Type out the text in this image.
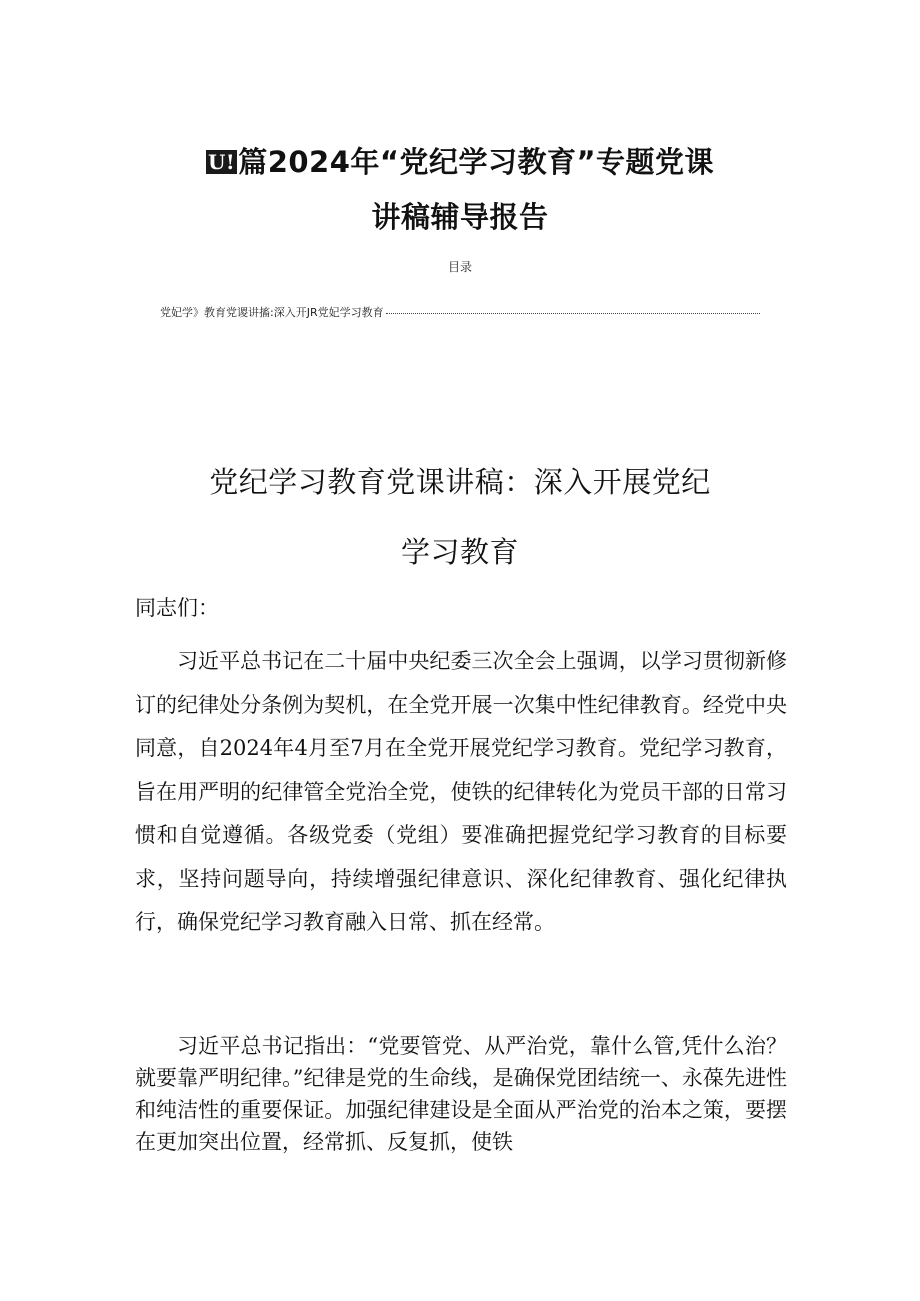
U! 篇2024年“党纪学习教育”专题党课
讲稿辅导报告
目录
党妃学》教育党谡讲搐:深入开JR党妃学习教育
党纪学习教育党课讲稿：深入开展党纪
学习教育
同志们：

习近平总书记在二十届中央纪委三次全会上强调，以学习贯彻新修订的纪律处分条例为契机，在全党开展一次集中性纪律教育。经党中央同意，自2024年4月至7月在全党开展党纪学习教育。党纪学习教育，旨在用严明的纪律管全党治全党，使铁的纪律转化为党员干部的日常习惯和自觉遵循。各级党委（党组）要准确把握党纪学习教育的目标要求，坚持问题导向，持续增强纪律意识、深化纪律教育、强化纪律执行，确保党纪学习教育融入日常、抓在经常。

习近平总书记指出：“党要管党、从严治党，靠什么管,凭什么治？就要靠严明纪律。”纪律是党的生命线，是确保党团结统一、永葆先进性和纯洁性的重要保证。加强纪律建设是全面从严治党的治本之策，要摆在更加突出位置，经常抓、反复抓，使铁
